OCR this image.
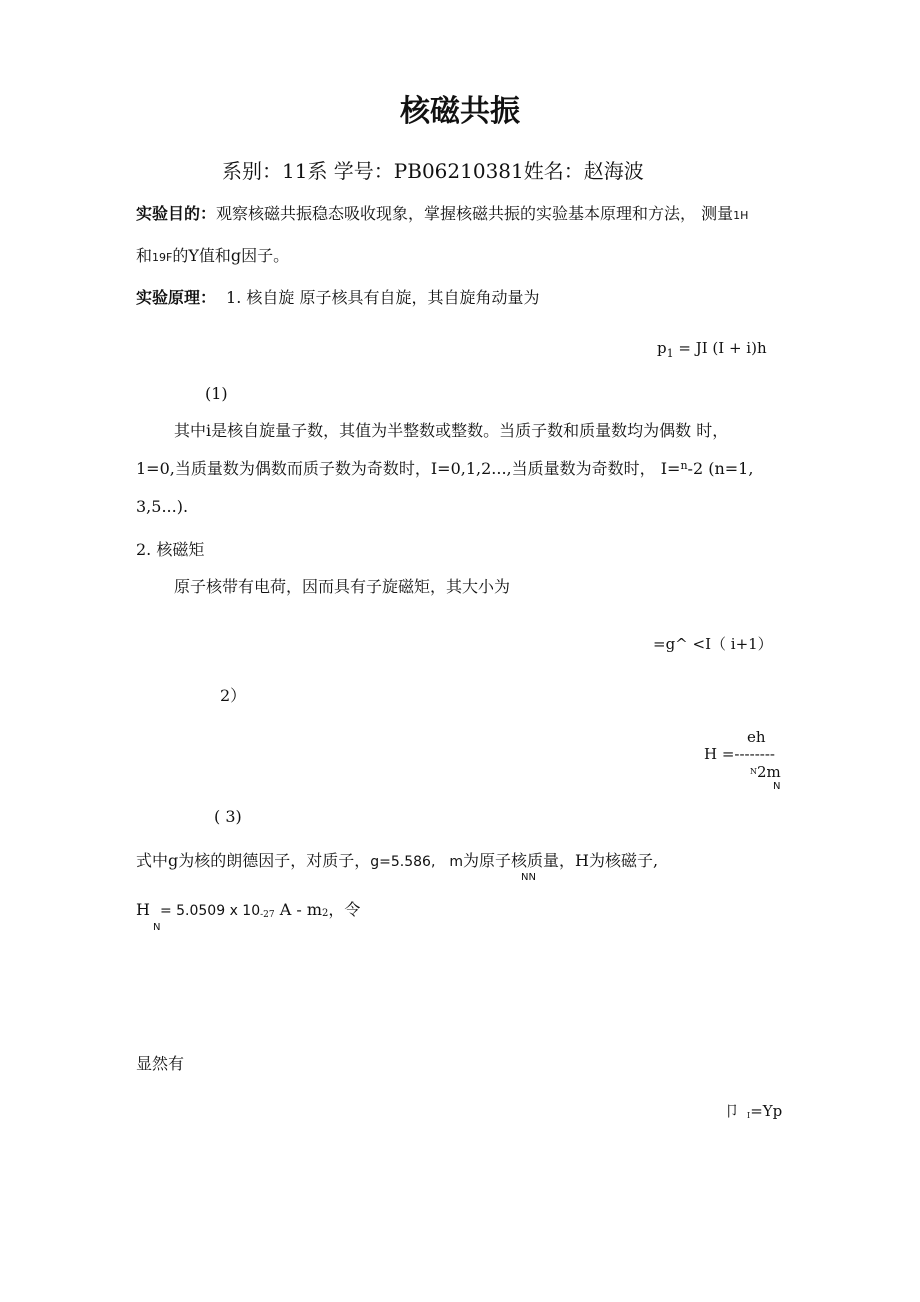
核磁共振
系别：11系 学号：PB06210381姓名：赵海波
实验目的：观察核磁共振稳态吸收现象，掌握核磁共振的实验基本原理和方法， 测量1H
和19F的Y值和g因子。
实验原理： 1. 核自旋 原子核具有自旋，其自旋角动量为
$p_1$ = JI (I + i)h
(1)
其中i是核自旋量子数，其值为半整数或整数。当质子数和质量数均为偶数 时，
1=0,当质量数为偶数而质子数为奇数时，I=0,1,2...,当质量数为奇数时， I=$^n$-2 (n=1,
3,5...).
2. 核磁矩
原子核带有电荷，因而具有子旋磁矩，其大小为
=g^ <I（ i+1）
2）
eh
H =--------
N 2m
N
( 3)
式中g为核的朗德因子，对质子，g=5.586, m为原子核质量，H为核磁子,
NN
H = 5.0509 x 10-27 A - m2，令
N
显然有
卩 I=Yp
